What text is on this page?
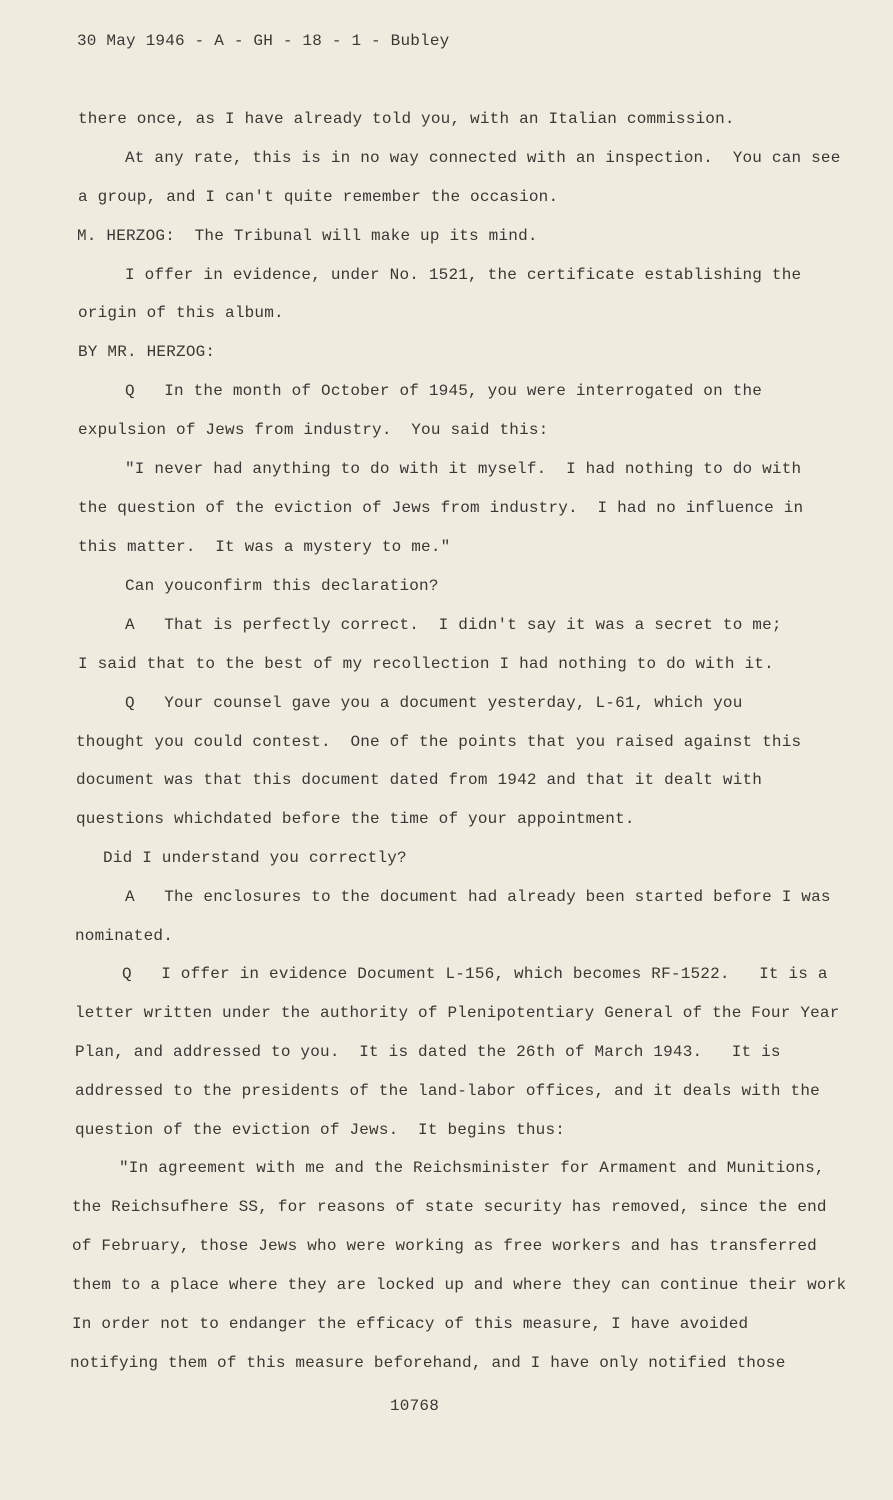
30 May 1946 - A - GH - 18 - 1 - Bubley
there once, as I have already told you, with an Italian commission.
At any rate, this is in no way connected with an inspection.  You can see
a group, and I can't quite remember the occasion.
M. HERZOG:  The Tribunal will make up its mind.
I offer in evidence, under No. 1521, the certificate establishing the
origin of this album.
BY MR. HERZOG:
Q   In the month of October of 1945, you were interrogated on the
expulsion of Jews from industry.  You said this:
"I never had anything to do with it myself.  I had nothing to do with
the question of the eviction of Jews from industry.  I had no influence in
this matter.  It was a mystery to me."
Can youconfirm this declaration?
A   That is perfectly correct.  I didn't say it was a secret to me;
I said that to the best of my recollection I had nothing to do with it.
Q   Your counsel gave you a document yesterday, L-61, which you
thought you could contest.  One of the points that you raised against this
document was that this document dated from 1942 and that it dealt with
questions whichdated before the time of your appointment.
Did I understand you correctly?
A   The enclosures to the document had already been started before I was
nominated.
Q   I offer in evidence Document L-156, which becomes RF-1522.   It is a
letter written under the authority of Plenipotentiary General of the Four Year
Plan, and addressed to you.  It is dated the 26th of March 1943.   It is
addressed to the presidents of the land-labor offices, and it deals with the
question of the eviction of Jews.  It begins thus:
"In agreement with me and the Reichsminister for Armament and Munitions,
the Reichsufhere SS, for reasons of state security has removed, since the end
of February, those Jews who were working as free workers and has transferred
them to a place where they are locked up and where they can continue their work
In order not to endanger the efficacy of this measure, I have avoided
notifying them of this measure beforehand, and I have only notified those
10768
